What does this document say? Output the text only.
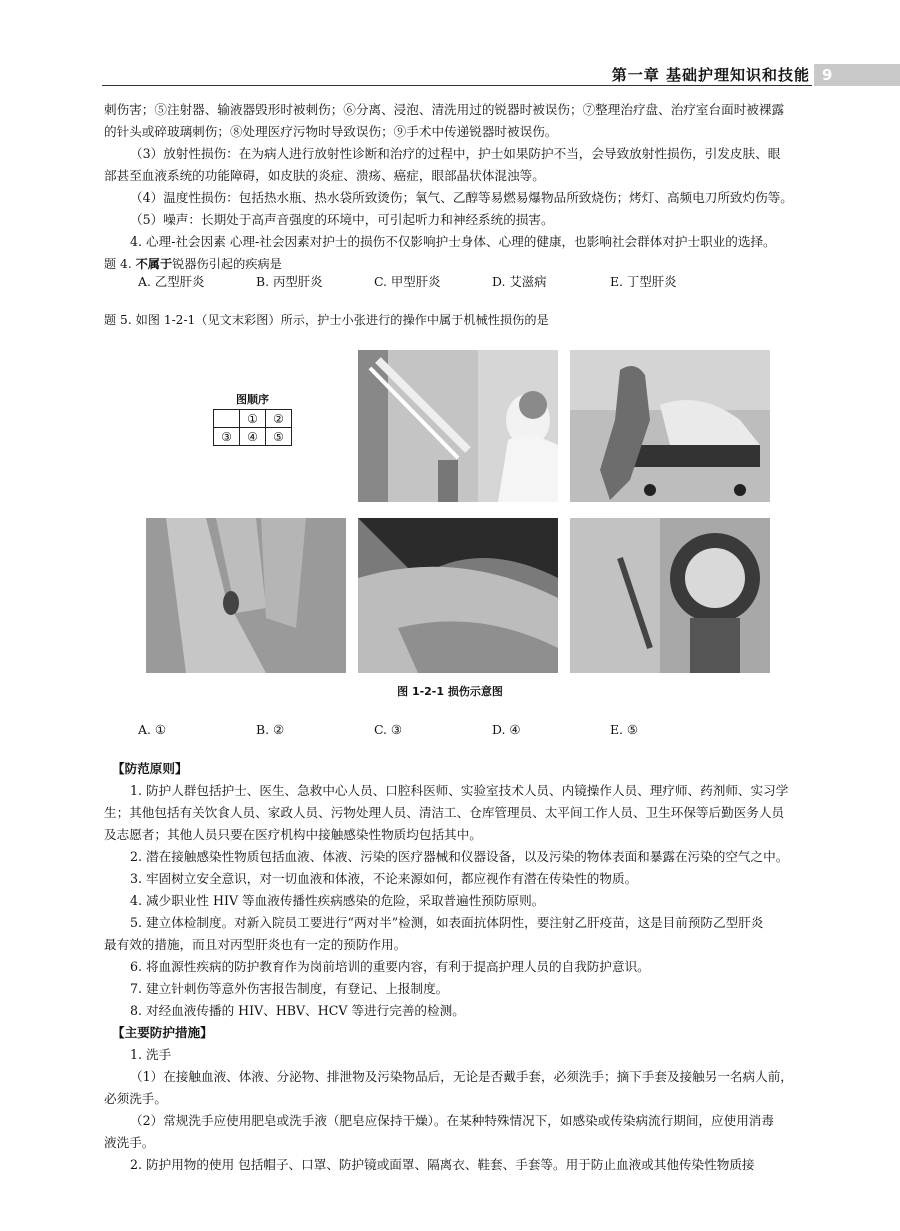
第一章 基础护理知识和技能 9
刺伤害；⑤注射器、输液器毁形时被刺伤；⑥分离、浸泡、清洗用过的锐器时被误伤；⑦整理治疗盘、治疗室台面时被裸露
的针头或碎玻璃刺伤；⑧处理医疗污物时导致误伤；⑨手术中传递锐器时被误伤。
（3）放射性损伤：在为病人进行放射性诊断和治疗的过程中，护士如果防护不当，会导致放射性损伤，引发皮肤、眼
部甚至血液系统的功能障碍，如皮肤的炎症、溃疡、癌症，眼部晶状体混浊等。
（4）温度性损伤：包括热水瓶、热水袋所致烫伤；氧气、乙醇等易燃易爆物品所致烧伤；烤灯、高频电刀所致灼伤等。
（5）噪声：长期处于高声音强度的环境中，可引起听力和神经系统的损害。
4. 心理-社会因素 心理-社会因素对护士的损伤不仅影响护士身体、心理的健康，也影响社会群体对护士职业的选择。
题 4. 不属于锐器伤引起的疾病是
A. 乙型肝炎	B. 丙型肝炎	C. 甲型肝炎	D. 艾滋病	E. 丁型肝炎
题 5. 如图 1-2-1（见文末彩图）所示，护士小张进行的操作中属于机械性损伤的是
图顺序
	①	②
③	④	⑤
图 1-2-1 损伤示意图
A. ①	B. ②	C. ③	D. ④	E. ⑤
【防范原则】
1. 防护人群包括护士、医生、急救中心人员、口腔科医师、实验室技术人员、内镜操作人员、理疗师、药剂师、实习学
生；其他包括有关饮食人员、家政人员、污物处理人员、清洁工、仓库管理员、太平间工作人员、卫生环保等后勤医务人员
及志愿者；其他人员只要在医疗机构中接触感染性物质均包括其中。
2. 潜在接触感染性物质包括血液、体液、污染的医疗器械和仪器设备，以及污染的物体表面和暴露在污染的空气之中。
3. 牢固树立安全意识，对一切血液和体液，不论来源如何，都应视作有潜在传染性的物质。
4. 减少职业性 HIV 等血液传播性疾病感染的危险，采取普遍性预防原则。
5. 建立体检制度。对新入院员工要进行“两对半”检测，如表面抗体阴性，要注射乙肝疫苗，这是目前预防乙型肝炎
最有效的措施，而且对丙型肝炎也有一定的预防作用。
6. 将血源性疾病的防护教育作为岗前培训的重要内容，有利于提高护理人员的自我防护意识。
7. 建立针刺伤等意外伤害报告制度，有登记、上报制度。
8. 对经血液传播的 HIV、HBV、HCV 等进行完善的检测。
【主要防护措施】
1. 洗手
（1）在接触血液、体液、分泌物、排泄物及污染物品后，无论是否戴手套，必须洗手；摘下手套及接触另一名病人前，
必须洗手。
（2）常规洗手应使用肥皂或洗手液（肥皂应保持干燥）。在某种特殊情况下，如感染或传染病流行期间，应使用消毒
液洗手。
2. 防护用物的使用 包括帽子、口罩、防护镜或面罩、隔离衣、鞋套、手套等。用于防止血液或其他传染性物质接
